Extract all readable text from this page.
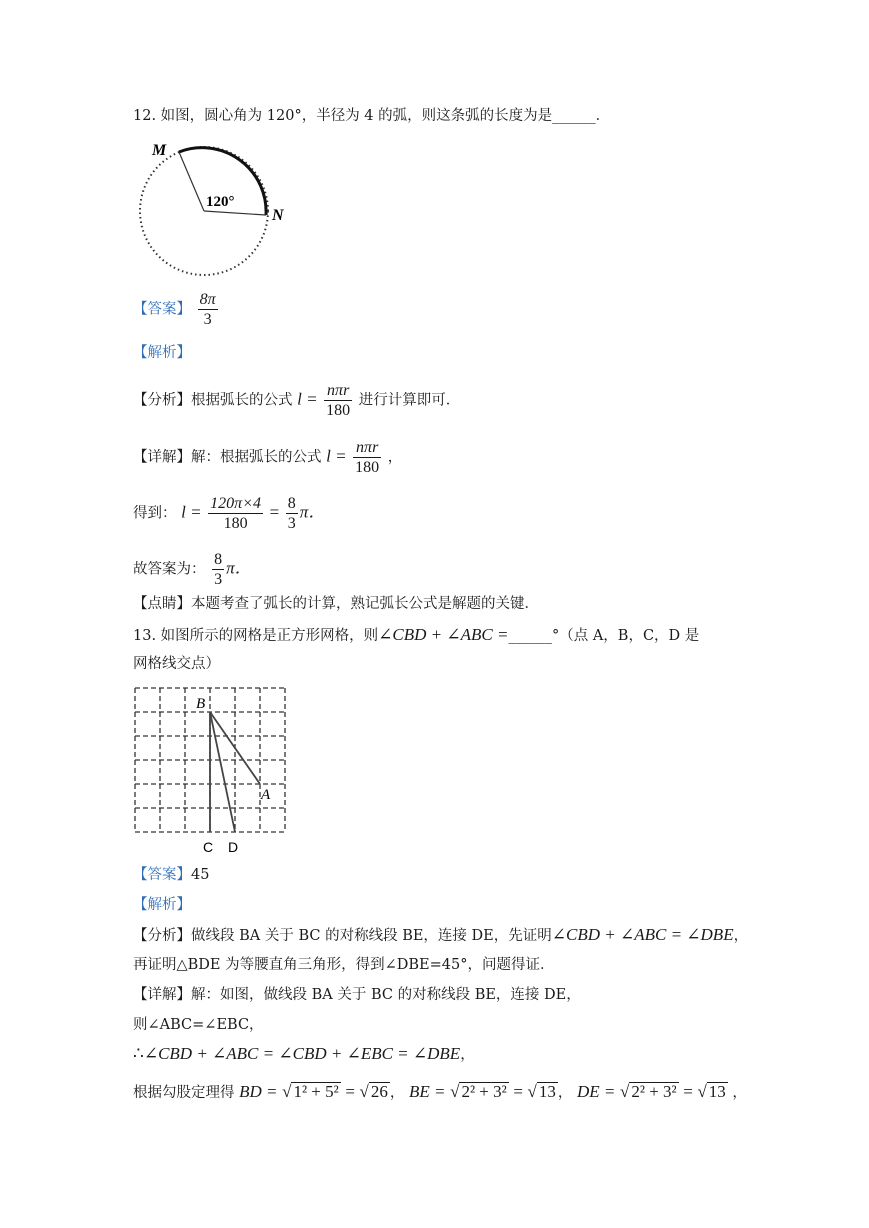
12. 如图，圆心角为 120°，半径为 4 的弧，则这条弧的长度为是______．
M
N
120°
【答案】 $\frac{8\pi}{3}$
【解析】
【分析】根据弧长的公式 $l = \frac{\text{nπr}}{180}$ 进行计算即可．
【详解】解：根据弧长的公式 $l = \frac{\text{nπr}}{180}$ ，
得到： $l = \frac{120\pi\times 4}{180} = \frac{8}{3}$ π．
故答案为： $\frac{8}{3}$ π．
【点睛】本题考查了弧长的计算，熟记弧长公式是解题的关键．
13. 如图所示的网格是正方形网格，则∠CBD + ∠ABC =______°（点 A，B，C，D 是
网格线交点）
B
A
C D
【答案】45
【解析】
【分析】做线段 BA 关于 BC 的对称线段 BE，连接 DE，先证明∠CBD + ∠ABC = ∠DBE，
再证明△BDE 为等腰直角三角形，得到∠DBE=45°，问题得证．
【详解】解：如图，做线段 BA 关于 BC 的对称线段 BE，连接 DE，
则∠ABC=∠EBC，
∴∠CBD + ∠ABC = ∠CBD + ∠EBC = ∠DBE，
根据勾股定理得 BD = √ 1² + 5² = √ 26 ， BE = √ 2² + 3² = √ 13 ， DE = √ 2² + 3² = √ 13 ，
